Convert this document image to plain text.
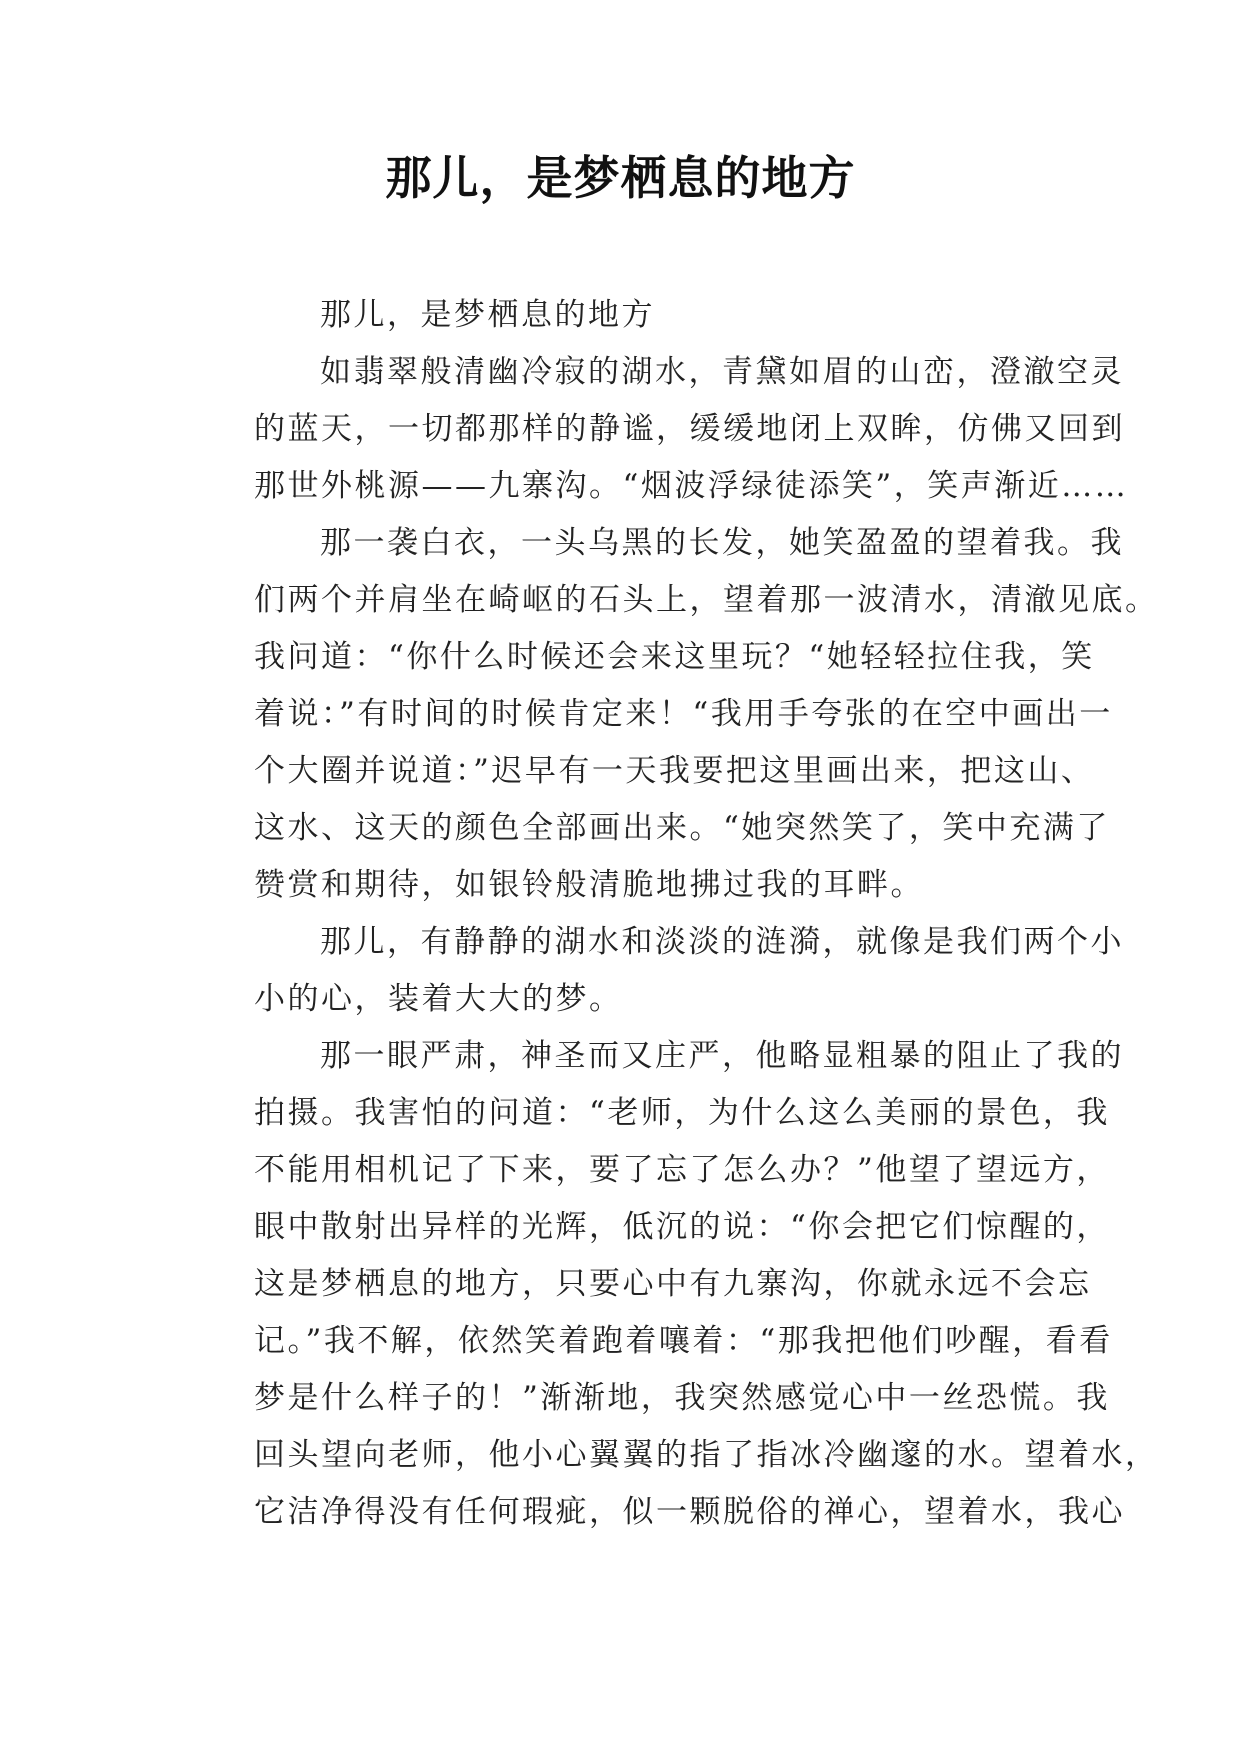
那儿，是梦栖息的地方
那儿，是梦栖息的地方
如翡翠般清幽冷寂的湖水，青黛如眉的山峦，澄澈空灵
的蓝天，一切都那样的静谧，缓缓地闭上双眸，仿佛又回到
那世外桃源——九寨沟。“烟波浮绿徒添笑”，笑声渐近……
那一袭白衣，一头乌黑的长发，她笑盈盈的望着我。我
们两个并肩坐在崎岖的石头上，望着那一波清水，清澈见底。
我问道：“你什么时候还会来这里玩？“她轻轻拉住我，笑
着说：”有时间的时候肯定来！“我用手夸张的在空中画出一
个大圈并说道：”迟早有一天我要把这里画出来，把这山、
这水、这天的颜色全部画出来。“她突然笑了，笑中充满了
赞赏和期待，如银铃般清脆地拂过我的耳畔。
那儿，有静静的湖水和淡淡的涟漪，就像是我们两个小
小的心，装着大大的梦。
那一眼严肃，神圣而又庄严，他略显粗暴的阻止了我的
拍摄。我害怕的问道：“老师，为什么这么美丽的景色，我
不能用相机记了下来，要了忘了怎么办？”他望了望远方，
眼中散射出异样的光辉，低沉的说：“你会把它们惊醒的，
这是梦栖息的地方，只要心中有九寨沟，你就永远不会忘
记。”我不解，依然笑着跑着嚷着：“那我把他们吵醒，看看
梦是什么样子的！”渐渐地，我突然感觉心中一丝恐慌。我
回头望向老师，他小心翼翼的指了指冰冷幽邃的水。望着水，
它洁净得没有任何瑕疵，似一颗脱俗的禅心，望着水，我心
